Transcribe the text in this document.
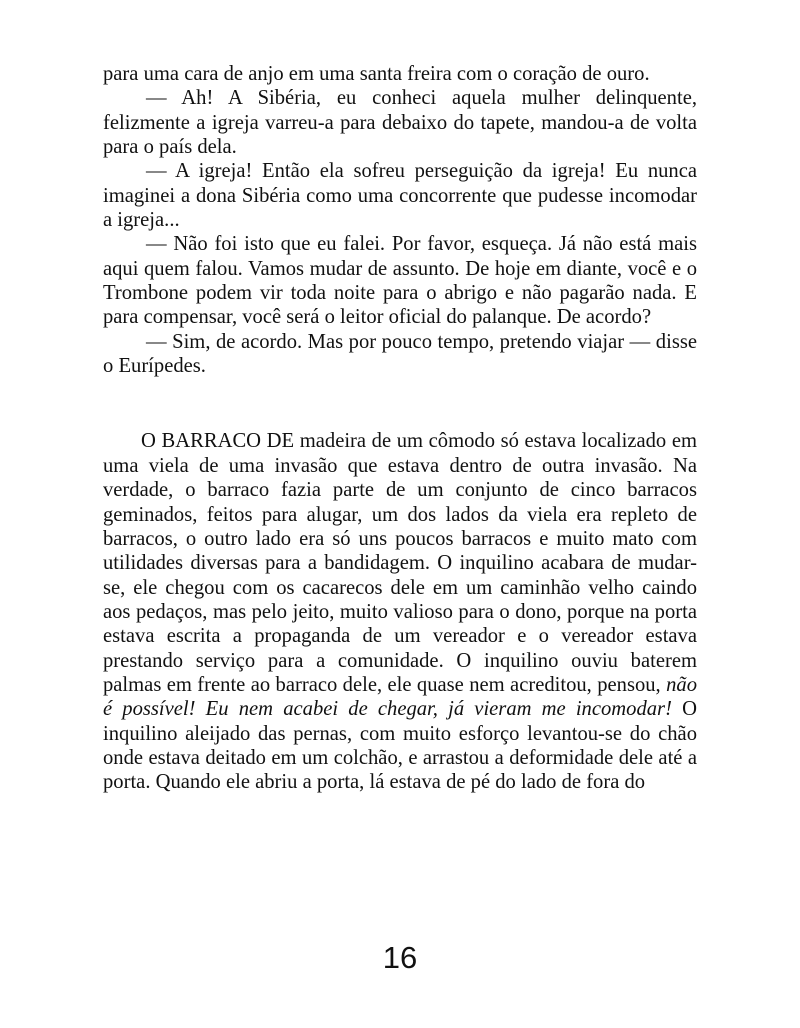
para uma cara de anjo em uma santa freira com o coração de ouro.

— Ah! A Sibéria, eu conheci aquela mulher delinquente, felizmente a igreja varreu-a para debaixo do tapete, mandou-a de volta para o país dela.

— A igreja! Então ela sofreu perseguição da igreja! Eu nunca imaginei a dona Sibéria como uma concorrente que pudesse incomodar a igreja...

— Não foi isto que eu falei. Por favor, esqueça. Já não está mais aqui quem falou. Vamos mudar de assunto. De hoje em diante, você e o Trombone podem vir toda noite para o abrigo e não pagarão nada. E para compensar, você será o leitor oficial do palanque. De acordo?

— Sim, de acordo. Mas por pouco tempo, pretendo viajar — disse o Eurípedes.

O BARRACO DE madeira de um cômodo só estava localizado em uma viela de uma invasão que estava dentro de outra invasão. Na verdade, o barraco fazia parte de um conjunto de cinco barracos geminados, feitos para alugar, um dos lados da viela era repleto de barracos, o outro lado era só uns poucos barracos e muito mato com utilidades diversas para a bandidagem. O inquilino acabara de mudar-se, ele chegou com os cacarecos dele em um caminhão velho caindo aos pedaços, mas pelo jeito, muito valioso para o dono, porque na porta estava escrita a propaganda de um vereador e o vereador estava prestando serviço para a comunidade. O inquilino ouviu baterem palmas em frente ao barraco dele, ele quase nem acreditou, pensou, não é possível! Eu nem acabei de chegar, já vieram me incomodar! O inquilino aleijado das pernas, com muito esforço levantou-se do chão onde estava deitado em um colchão, e arrastou a deformidade dele até a porta. Quando ele abriu a porta, lá estava de pé do lado de fora do

16
